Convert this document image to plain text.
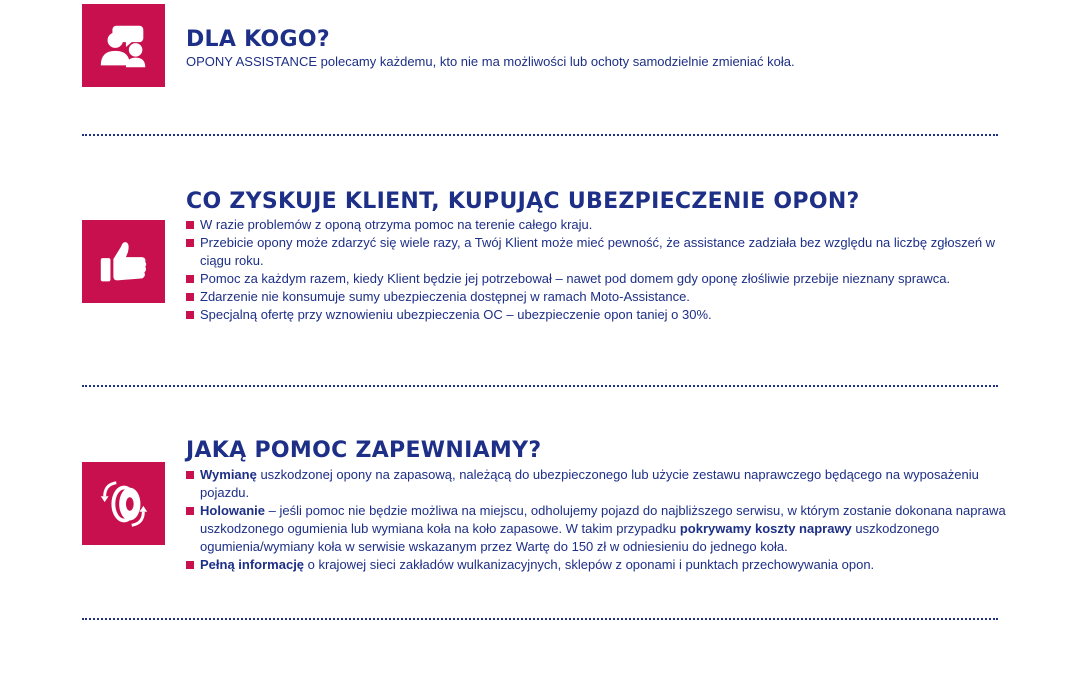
DLA KOGO?

OPONY ASSISTANCE polecamy każdemu, kto nie ma możliwości lub ochoty samodzielnie zmieniać koła.

CO ZYSKUJE KLIENT, KUPUJĄC UBEZPIECZENIE OPON?
W razie problemów z oponą otrzyma pomoc na terenie całego kraju.
Przebicie opony może zdarzyć się wiele razy, a Twój Klient może mieć pewność, że assistance zadziała bez względu na liczbę zgłoszeń w ciągu roku.
Pomoc za każdym razem, kiedy Klient będzie jej potrzebował – nawet pod domem gdy oponę złośliwie przebije nieznany sprawca.
Zdarzenie nie konsumuje sumy ubezpieczenia dostępnej w ramach Moto-Assistance.
Specjalną ofertę przy wznowieniu ubezpieczenia OC – ubezpieczenie opon taniej o 30%.
JAKĄ POMOC ZAPEWNIAMY?
Wymianę uszkodzonej opony na zapasową, należącą do ubezpieczonego lub użycie zestawu naprawczego będącego na wyposażeniu pojazdu.
Holowanie – jeśli pomoc nie będzie możliwa na miejscu, odholujemy pojazd do najbliższego serwisu, w którym zostanie dokonana naprawa uszkodzonego ogumienia lub wymiana koła na koło zapasowe. W takim przypadku pokrywamy koszty naprawy uszkodzonego ogumienia/wymiany koła w serwisie wskazanym przez Wartę do 150 zł w odniesieniu do jednego koła.
Pełną informację o krajowej sieci zakładów wulkanizacyjnych, sklepów z oponami i punktach przechowywania opon.
